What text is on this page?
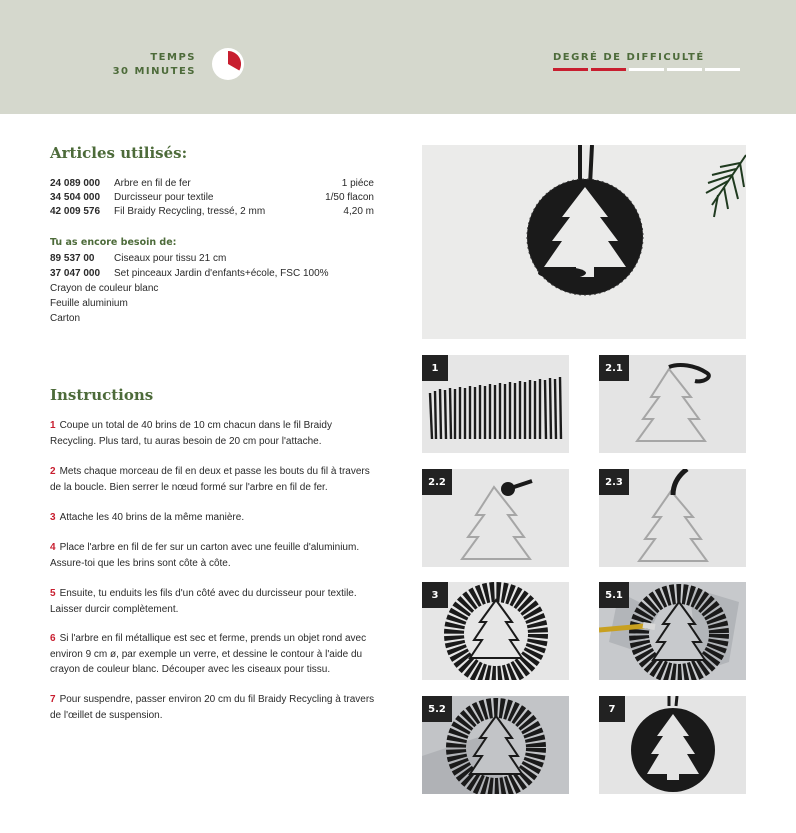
TEMPS
30 MINUTES
DEGRÉ DE DIFFICULTÉ
Articles utilisés:
24 089 000	Arbre en fil de fer	1 piéce
34 504 000	Durcisseur pour textile	1/50 flacon
42 009 576	Fil Braidy Recycling, tressé, 2 mm	4,20 m
Tu as encore besoin de:
89 537 00	Ciseaux pour tissu 21 cm
37 047 000	Set pinceaux Jardin d'enfants+école, FSC 100%
Crayon de couleur blanc
Feuille aluminium
Carton
Instructions
1 Coupe un total de 40 brins de 10 cm chacun dans le fil Braidy Recycling. Plus tard, tu auras besoin de 20 cm pour l'attache.
2 Mets chaque morceau de fil en deux et passe les bouts du fil à travers de la boucle. Bien serrer le nœud formé sur l'arbre en fil de fer.
3 Attache les 40 brins de la même manière.
4 Place l'arbre en fil de fer sur un carton avec une feuille d'aluminium. Assure-toi que les brins sont côte à côte.
5 Ensuite, tu enduits les fils d'un côté avec du durcisseur pour textile. Laisser durcir complètement.
6 Si l'arbre en fil métallique est sec et ferme, prends un objet rond avec environ 9 cm ø, par exemple un verre, et dessine le contour à l'aide du crayon de couleur blanc. Découper avec les ciseaux pour tissu.
7 Pour suspendre, passer environ 20 cm du fil Braidy Recycling à travers de l'œillet de suspension.
1	2.1
2.2	2.3
3	5.1
5.2	7
